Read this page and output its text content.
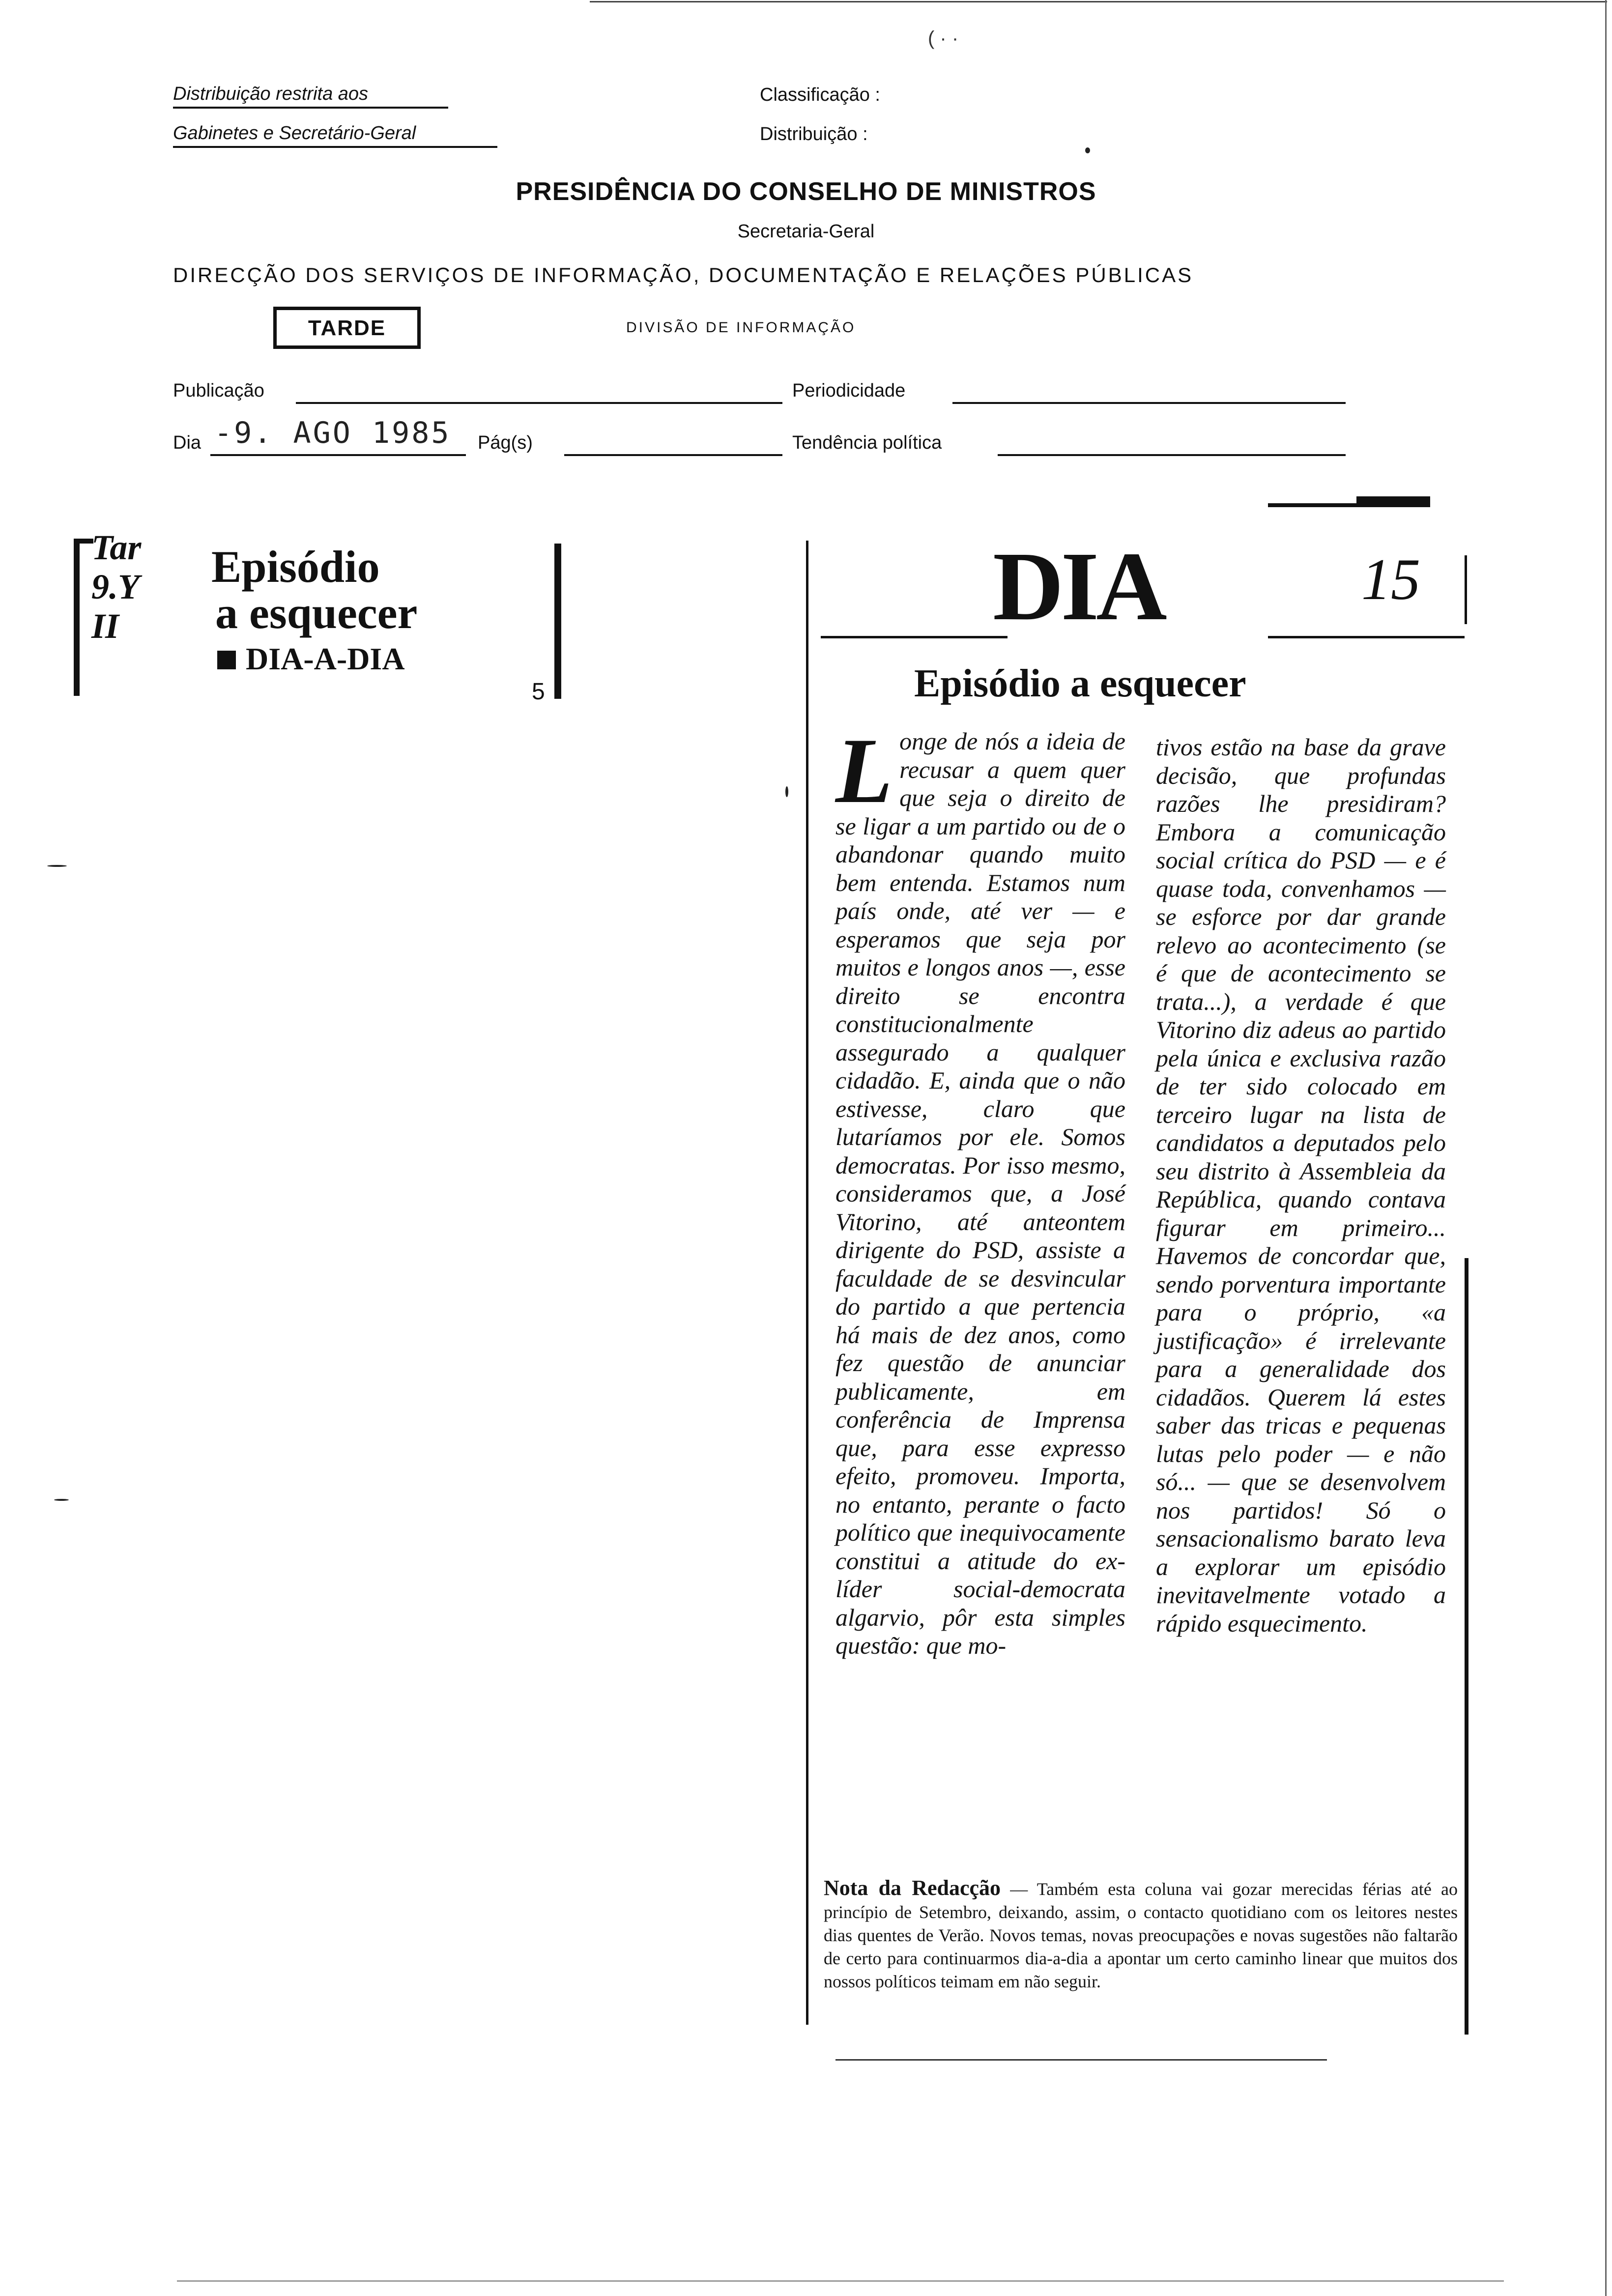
Distribuição restrita aos
Gabinetes e Secretário-Geral
Classificação :
Distribuição :
PRESIDÊNCIA DO CONSELHO DE MINISTROS
Secretaria-Geral
DIRECÇÃO DOS SERVIÇOS DE INFORMAÇÃO, DOCUMENTAÇÃO E RELAÇÕES PÚBLICAS
TARDE	DIVISÃO DE INFORMAÇÃO
Publicação	Periodicidade
Dia -9. AGO 1985 Pág(s)	Tendência política
( · ·
Tar 9.Y II
Episódio
a esquecer
DIA-A-DIA
5
DIA	15
Episódio a esquecer
L onge de nós a ideia de recusar a quem quer que seja o direito de se ligar a um partido ou de o abandonar quando muito bem entenda. Estamos num país onde, até ver — e esperamos que seja por muitos e longos anos —, esse direito se encontra constitucionalmente assegurado a qualquer cidadão. E, ainda que o não estivesse, claro que lutaríamos por ele. Somos democratas. Por isso mesmo, consideramos que, a José Vitorino, até anteontem dirigente do PSD, assiste a faculdade de se desvincular do partido a que pertencia há mais de dez anos, como fez questão de anunciar publicamente, em conferência de Imprensa que, para esse expresso efeito, promoveu. Importa, no entanto, perante o facto político que inequivocamente constitui a atitude do ex-líder social-democrata algarvio, pôr esta simples questão: que mo-
tivos estão na base da grave decisão, que profundas razões lhe presidiram? Embora a comunicação social crítica do PSD — e é quase toda, convenhamos — se esforce por dar grande relevo ao acontecimento (se é que de acontecimento se trata...), a verdade é que Vitorino diz adeus ao partido pela única e exclusiva razão de ter sido colocado em terceiro lugar na lista de candidatos a deputados pelo seu distrito à Assembleia da República, quando contava figurar em primeiro... Havemos de concordar que, sendo porventura importante para o próprio, «a justificação» é irrelevante para a generalidade dos cidadãos. Querem lá estes saber das tricas e pequenas lutas pelo poder — e não só... — que se desenvolvem nos partidos! Só o sensacionalismo barato leva a explorar um episódio inevitavelmente votado a rápido esquecimento.
Nota da Redacção — Também esta coluna vai gozar merecidas férias até ao princípio de Setembro, deixando, assim, o contacto quotidiano com os leitores nestes dias quentes de Verão. Novos temas, novas preocupações e novas sugestões não faltarão de certo para continuarmos dia-a-dia a apontar um certo caminho linear que muitos dos nossos políticos teimam em não seguir.
